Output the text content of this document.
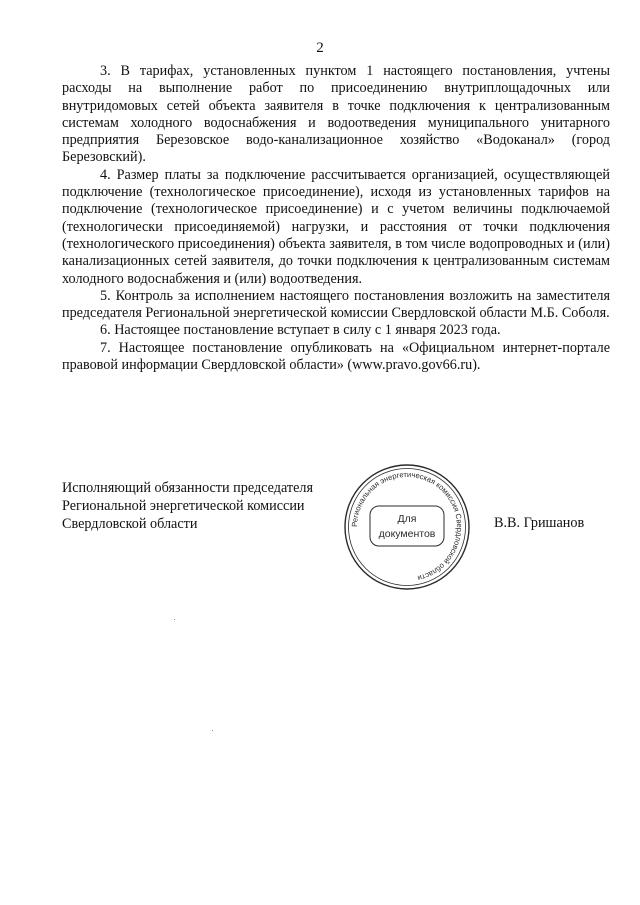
2

3. В тарифах, установленных пунктом 1 настоящего постановления, учтены расходы на выполнение работ по присоединению внутриплощадочных или внутридомовых сетей объекта заявителя в точке подключения к централизованным системам холодного водоснабжения и водоотведения муниципального унитарного предприятия Березовское водо-канализационное хозяйство «Водоканал» (город Березовский).

4. Размер платы за подключение рассчитывается организацией, осуществляющей подключение (технологическое присоединение), исходя из установленных тарифов на подключение (технологическое присоединение) и с учетом величины подключаемой (технологически присоединяемой) нагрузки, и расстояния от точки подключения (технологического присоединения) объекта заявителя, в том числе водопроводных и (или) канализационных сетей заявителя, до точки подключения к централизованным системам холодного водоснабжения и (или) водоотведения.

5. Контроль за исполнением настоящего постановления возложить на заместителя председателя Региональной энергетической комиссии Свердловской области М.Б. Соболя.

6. Настоящее постановление вступает в силу с 1 января 2023 года.

7. Настоящее постановление опубликовать на «Официальном интернет-портале правовой информации Свердловской области» (www.pravo.gov66.ru).

Исполняющий обязанности председателя
Региональной энергетической комиссии
Свердловской области	Региональная энергетическая комиссия Свердловской области
Для
документов
В.В. Гришанов
